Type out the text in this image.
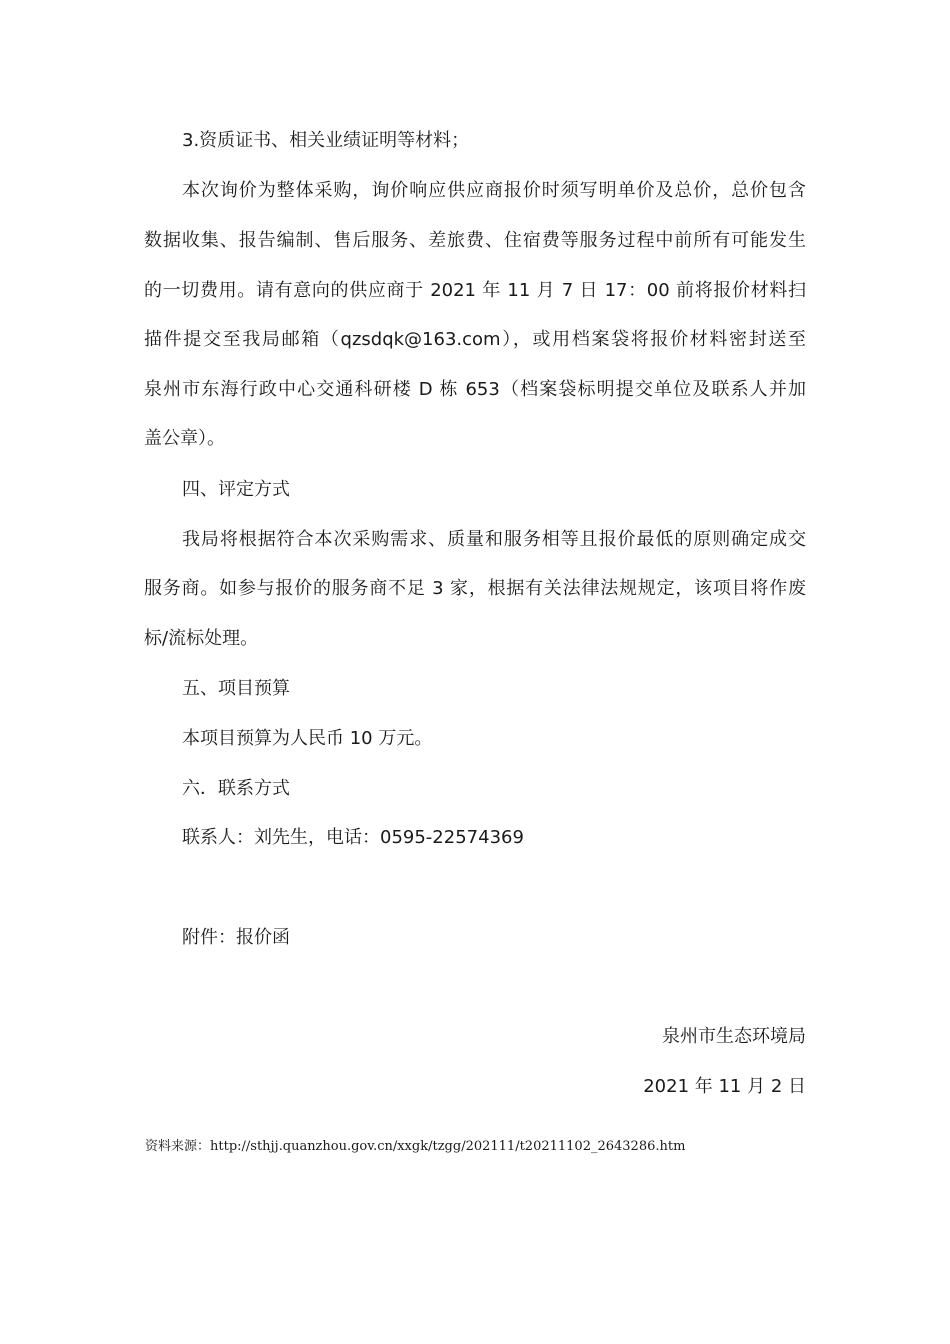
3.资质证书、相关业绩证明等材料；

本次询价为整体采购，询价响应供应商报价时须写明单价及总价，总价包含

数据收集、报告编制、售后服务、差旅费、住宿费等服务过程中前所有可能发生

的一切费用。请有意向的供应商于 2021 年 11 月 7 日 17：00 前将报价材料扫

描件提交至我局邮箱（qzsdqk@163.com），或用档案袋将报价材料密封送至

泉州市东海行政中心交通科研楼 D 栋 653（档案袋标明提交单位及联系人并加

盖公章）。

四、评定方式

我局将根据符合本次采购需求、质量和服务相等且报价最低的原则确定成交

服务商。如参与报价的服务商不足 3 家，根据有关法律法规规定，该项目将作废

标/流标处理。

五、项目预算

本项目预算为人民币 10 万元。

六．联系方式

联系人：刘先生，电话：0595-22574369

附件：报价函

泉州市生态环境局

2021 年 11 月 2 日

资料来源：http://sthjj.quanzhou.gov.cn/xxgk/tzgg/202111/t20211102_2643286.htm
